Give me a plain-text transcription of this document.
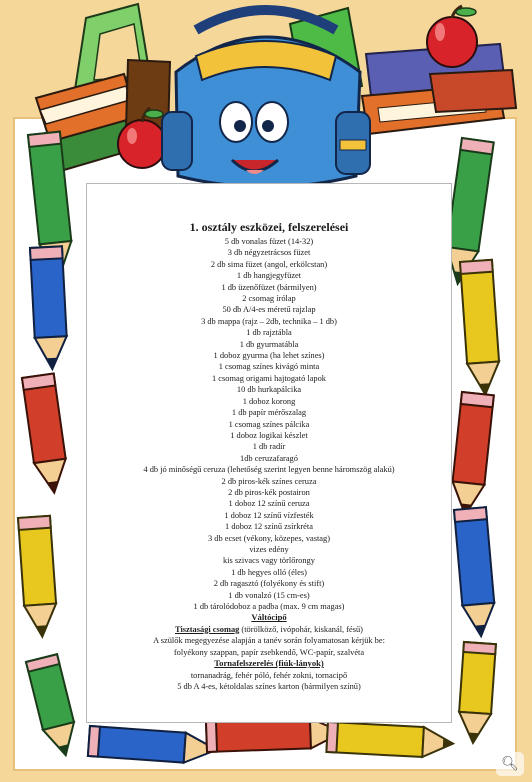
1. osztály eszközei, felszerelései
5 db vonalas füzet (14-32)
3 db négyzetrácsos füzet
2 db sima füzet (angol, erkölcstan)
1 db hangjegyfüzet
1 db üzenőfüzet (bármilyen)
2 csomag írólap
50 db A/4-es méretű rajzlap
3 db mappa (rajz – 2db, technika – 1 db)
1 db rajztábla
1 db gyurmatábla
1 doboz gyurma (ha lehet színes)
1 csomag színes kivágó minta
1 csomag origami hajtogató lapok
10 db hurkapálcika
1 doboz korong
1 db papír mérőszalag
1 csomag színes pálcika
1 doboz logikai készlet
1 db radír
1db ceruzafaragó
4 db jó minőségű ceruza (lehetőség szerint legyen benne háromszög alakú)
2 db piros-kék színes ceruza
2 db piros-kék postairon
1 doboz 12 színű ceruza
1 doboz 12 színű vízfesték
1 doboz 12 színű zsírkréta
3 db ecset (vékony, közepes, vastag)
vizes edény
kis szivacs vagy törlőrongy
1 db hegyes olló (éles)
2 db ragasztó (folyékony és stift)
1 db vonalzó (15 cm-es)
1 db tárolódoboz a padba (max. 9 cm magas)
Váltócipő
Tisztasági csomag (törölköző, ivópohár, kiskanál, fésű)
A szülők megegyezése alapján a tanév során folyamatosan kérjük be:
folyékony szappan, papír zsebkendő, WC-papír, szalvéta
Tornafelszerelés (fiúk-lányok)
tornanadrág, fehér póló, fehér zokni, tornacipő
5 db A 4-es, kétoldalas színes karton (bármilyen színű)
🔍︎
